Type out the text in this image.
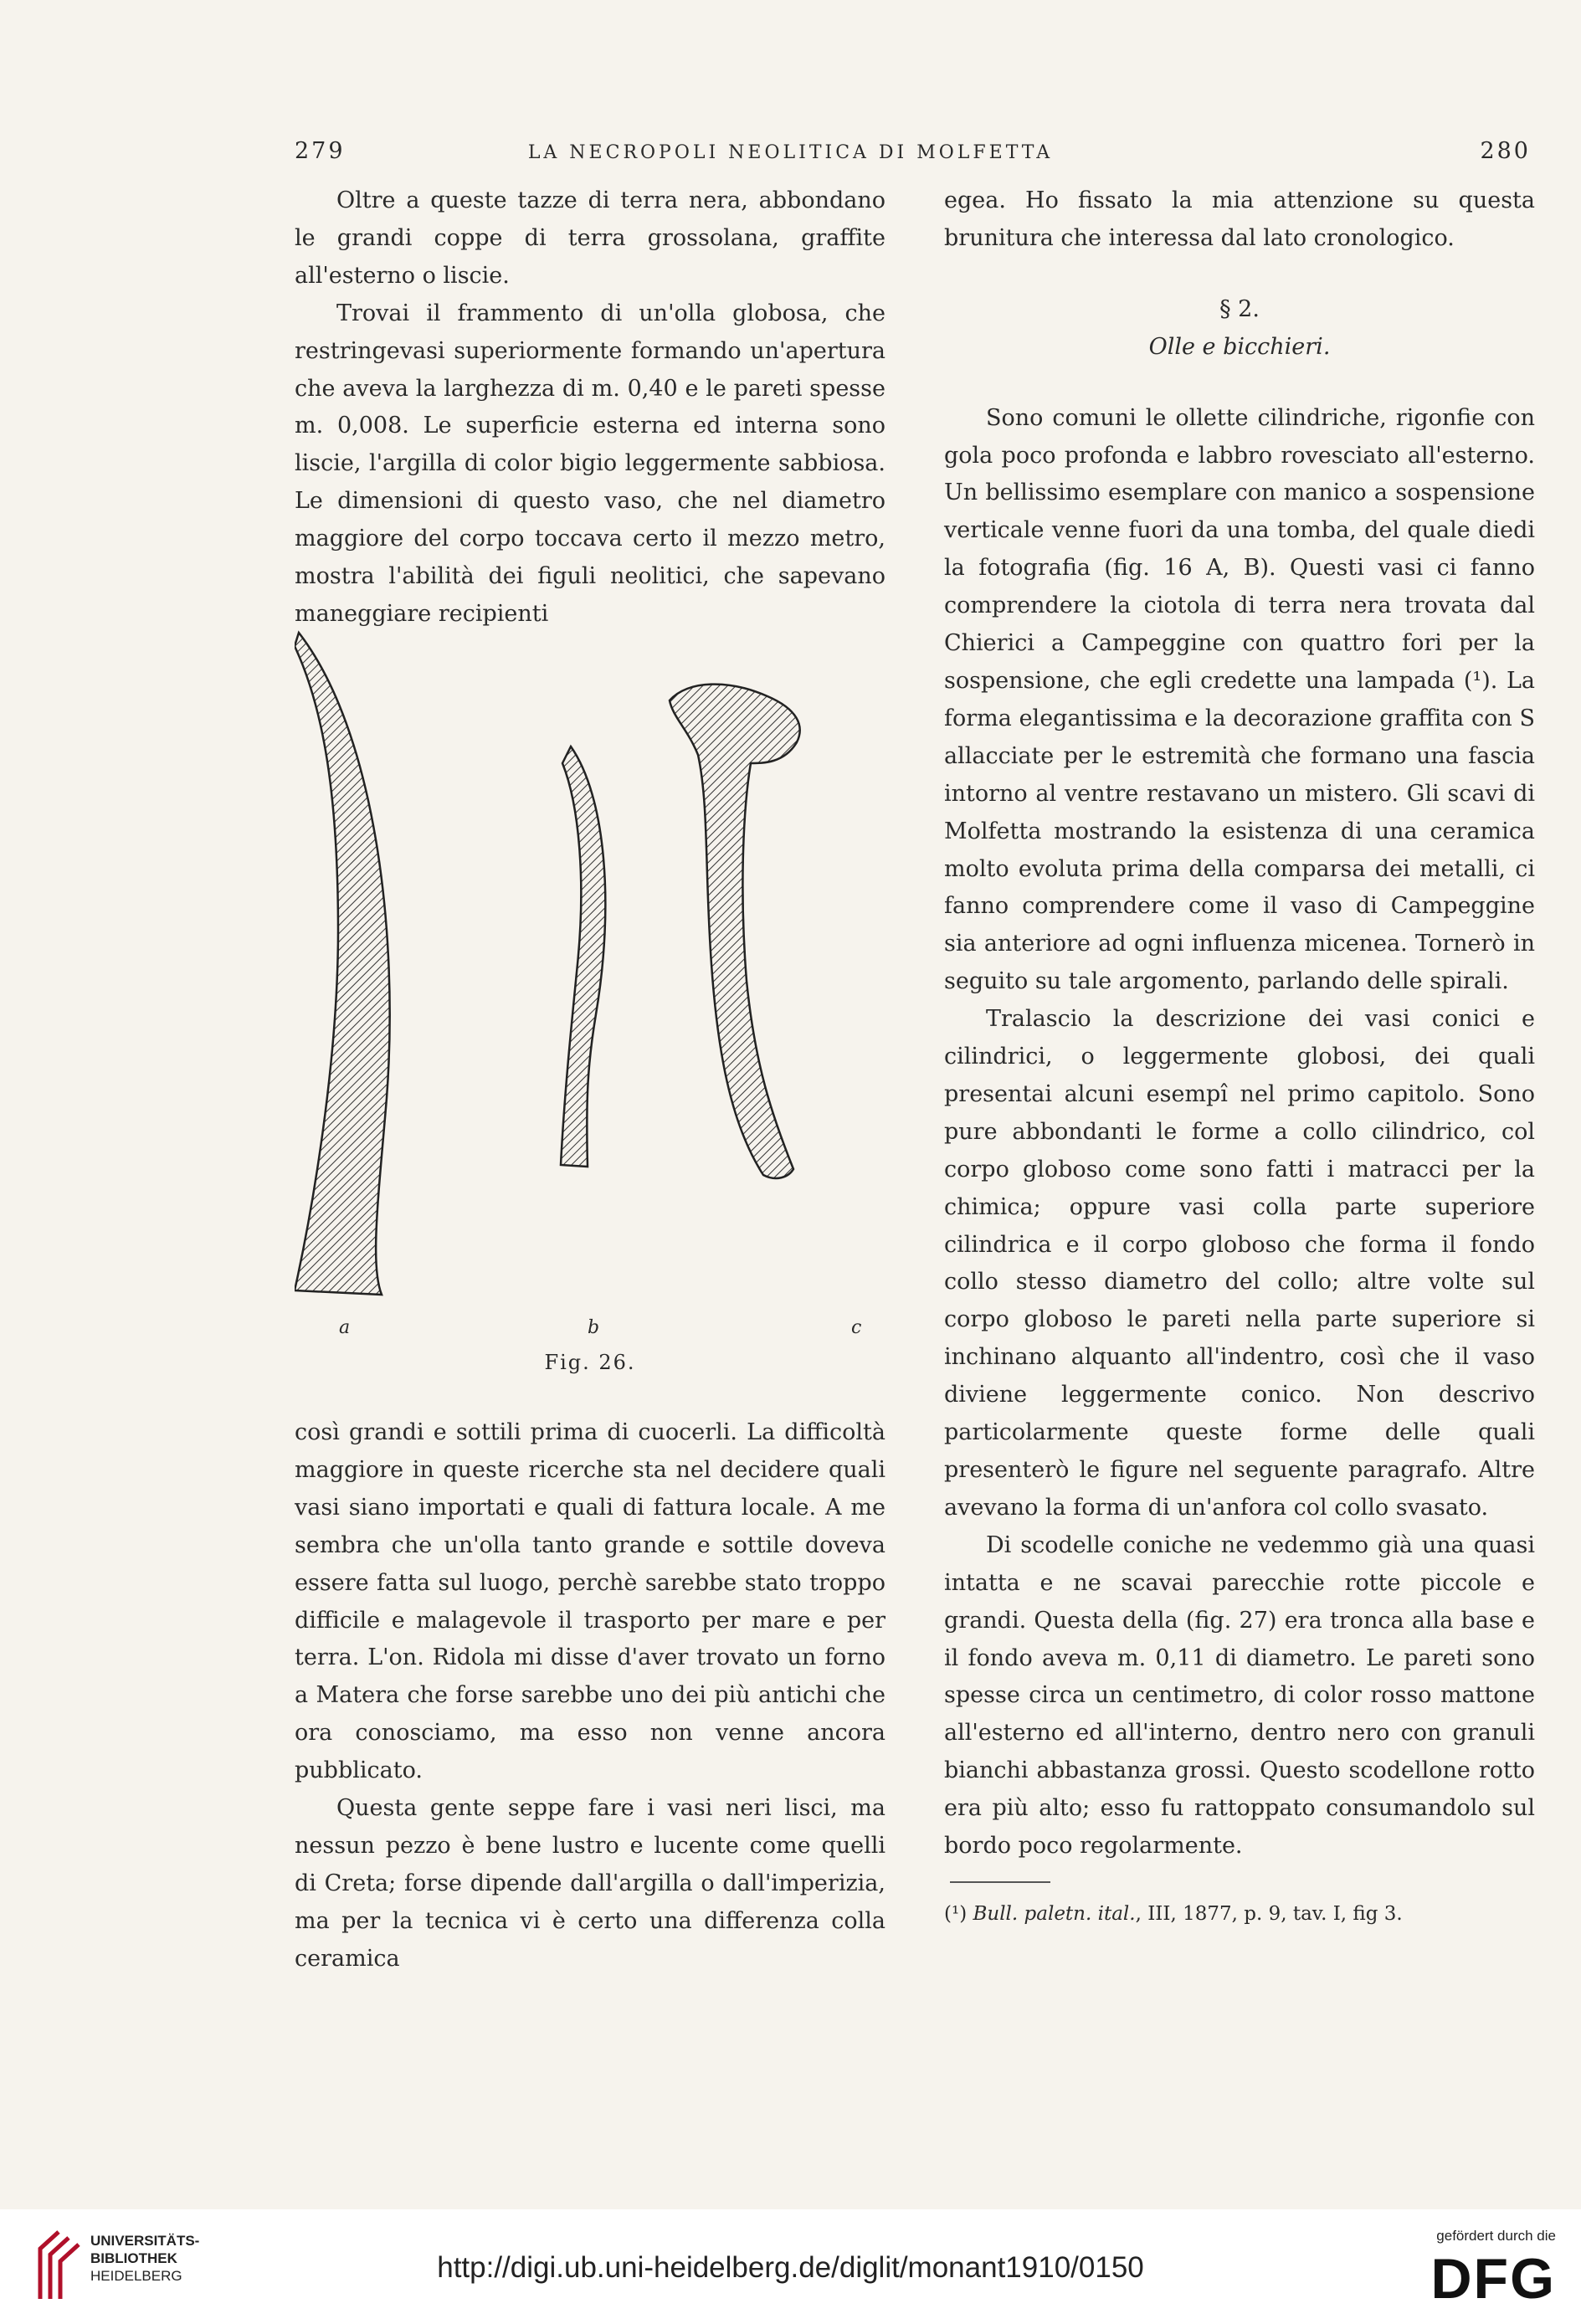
279	LA NECROPOLI NEOLITICA DI MOLFETTA	280

Oltre a queste tazze di terra nera, abbondano le grandi coppe di terra grossolana, graffite all'esterno o liscie.

Trovai il frammento di un'olla globosa, che restringevasi superiormente formando un'apertura che aveva la larghezza di m. 0,40 e le pareti spesse m. 0,008. Le superficie esterna ed interna sono liscie, l'argilla di color bigio leggermente sabbiosa. Le dimensioni di questo vaso, che nel diametro maggiore del corpo toccava certo il mezzo metro, mostra l'abilità dei figuli neolitici, che sapevano maneggiare recipienti

a	b	c
Fig. 26.

così grandi e sottili prima di cuocerli. La difficoltà maggiore in queste ricerche sta nel decidere quali vasi siano importati e quali di fattura locale. A me sembra che un'olla tanto grande e sottile doveva essere fatta sul luogo, perchè sarebbe stato troppo difficile e malagevole il trasporto per mare e per terra. L'on. Ridola mi disse d'aver trovato un forno a Matera che forse sarebbe uno dei più antichi che ora conosciamo, ma esso non venne ancora pubblicato.

Questa gente seppe fare i vasi neri lisci, ma nessun pezzo è bene lustro e lucente come quelli di Creta; forse dipende dall'argilla o dall'imperizia, ma per la tecnica vi è certo una differenza colla ceramica

egea. Ho fissato la mia attenzione su questa brunitura che interessa dal lato cronologico.

§ 2.
Olle e bicchieri.

Sono comuni le ollette cilindriche, rigonfie con gola poco profonda e labbro rovesciato all'esterno. Un bellissimo esemplare con manico a sospensione verticale venne fuori da una tomba, del quale diedi la fotografia (fig. 16 A, B). Questi vasi ci fanno comprendere la ciotola di terra nera trovata dal Chierici a Campeggine con quattro fori per la sospensione, che egli credette una lampada (¹). La forma elegantissima e la decorazione graffita con S allacciate per le estremità che formano una fascia intorno al ventre restavano un mistero. Gli scavi di Molfetta mostrando la esistenza di una ceramica molto evoluta prima della comparsa dei metalli, ci fanno comprendere come il vaso di Campeggine sia anteriore ad ogni influenza micenea. Tornerò in seguito su tale argomento, parlando delle spirali.

Tralascio la descrizione dei vasi conici e cilindrici, o leggermente globosi, dei quali presentai alcuni esempî nel primo capitolo. Sono pure abbondanti le forme a collo cilindrico, col corpo globoso come sono fatti i matracci per la chimica; oppure vasi colla parte superiore cilindrica e il corpo globoso che forma il fondo collo stesso diametro del collo; altre volte sul corpo globoso le pareti nella parte superiore si inchinano alquanto all'indentro, così che il vaso diviene leggermente conico. Non descrivo particolarmente queste forme delle quali presenterò le figure nel seguente paragrafo. Altre avevano la forma di un'anfora col collo svasato.

Di scodelle coniche ne vedemmo già una quasi intatta e ne scavai parecchie rotte piccole e grandi. Questa della (fig. 27) era tronca alla base e il fondo aveva m. 0,11 di diametro. Le pareti sono spesse circa un centimetro, di color rosso mattone all'esterno ed all'interno, dentro nero con granuli bianchi abbastanza grossi. Questo scodellone rotto era più alto; esso fu rattoppato consumandolo sul bordo poco regolarmente.

(¹) Bull. paletn. ital., III, 1877, p. 9, tav. I, fig 3.
UNIVERSITÄTS-
BIBLIOTHEK
HEIDELBERG	http://digi.ub.uni-heidelberg.de/diglit/monant1910/0150
gefördert durch die
DFG
